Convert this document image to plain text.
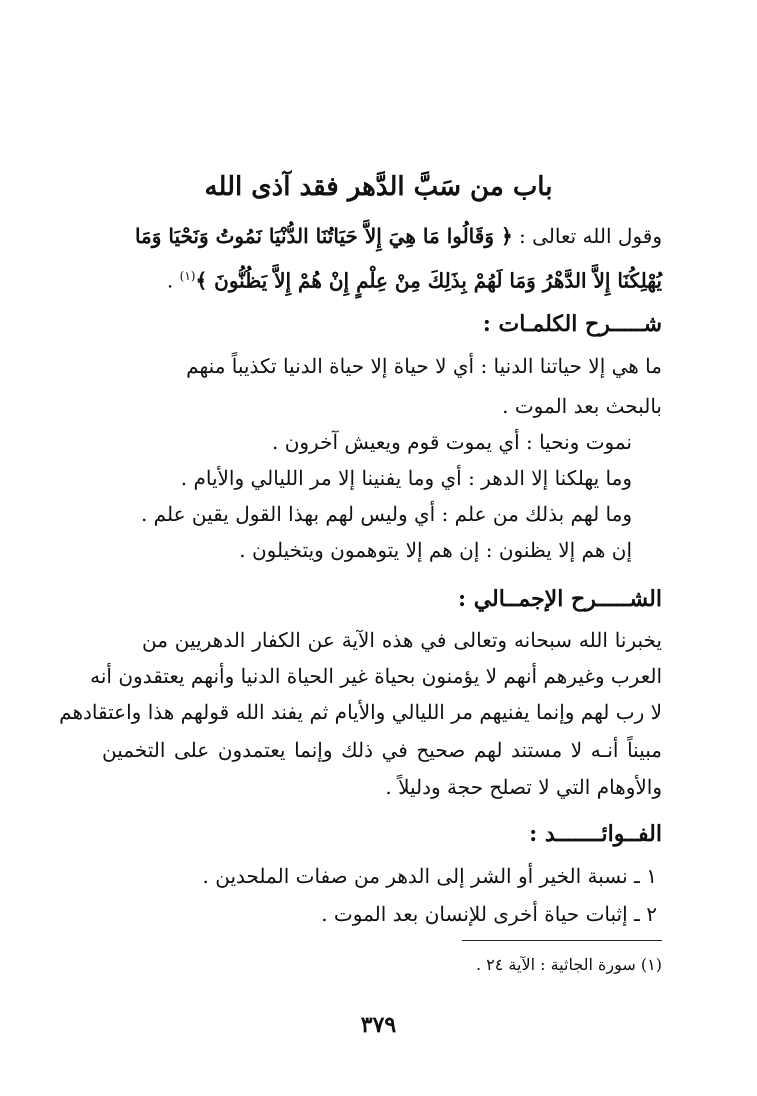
باب من سَبَّ الدَّهر فقد آذى الله
وقول الله تعالى : ﴿ وَقَالُوا مَا هِيَ إِلاَّ حَيَاتُنَا الدُّنْيَا نَمُوتُ وَنَحْيَا وَمَا
يُهْلِكُنَا إِلاَّ الدَّهْرُ وَمَا لَهُمْ بِذَلِكَ مِنْ عِلْمٍ إِنْ هُمْ إِلاَّ يَظُنُّونَ ﴾$^{(١)}$ .
شـــــرح الكلمـات :
ما هي إلا حياتنا الدنيا : أي لا حياة إلا حياة الدنيا تكذيباً منهم
بالبحث بعد الموت .
نموت ونحيا : أي يموت قوم ويعيش آخرون .
وما يهلكنا إلا الدهر : أي وما يفنينا إلا مر الليالي والأيام .
وما لهم بذلك من علم : أي وليس لهم بهذا القول يقين علم .
إن هم إلا يظنون : إن هم إلا يتوهمون ويتخيلون .
الشـــــرح الإجمــالي :
يخبرنا الله سبحانه وتعالى في هذه الآية عن الكفار الدهريين من
العرب وغيرهم أنهم لا يؤمنون بحياة غير الحياة الدنيا وأنهم يعتقدون أنه
لا رب لهم وإنما يفنيهم مر الليالي والأيام ثم يفند الله قولهم هذا واعتقادهم
مبيناً أنـه لا مستند لهم صحيح في ذلك وإنما يعتمدون على التخمين
والأوهام التي لا تصلح حجة ودليلاً .
الفــوائـــــــد :
١ ـ نسبة الخير أو الشر إلى الدهر من صفات الملحدين .
٢ ـ إثبات حياة أخرى للإنسان بعد الموت .
(١) سورة الجاثية : الآية ٢٤ .
٣٧٩
